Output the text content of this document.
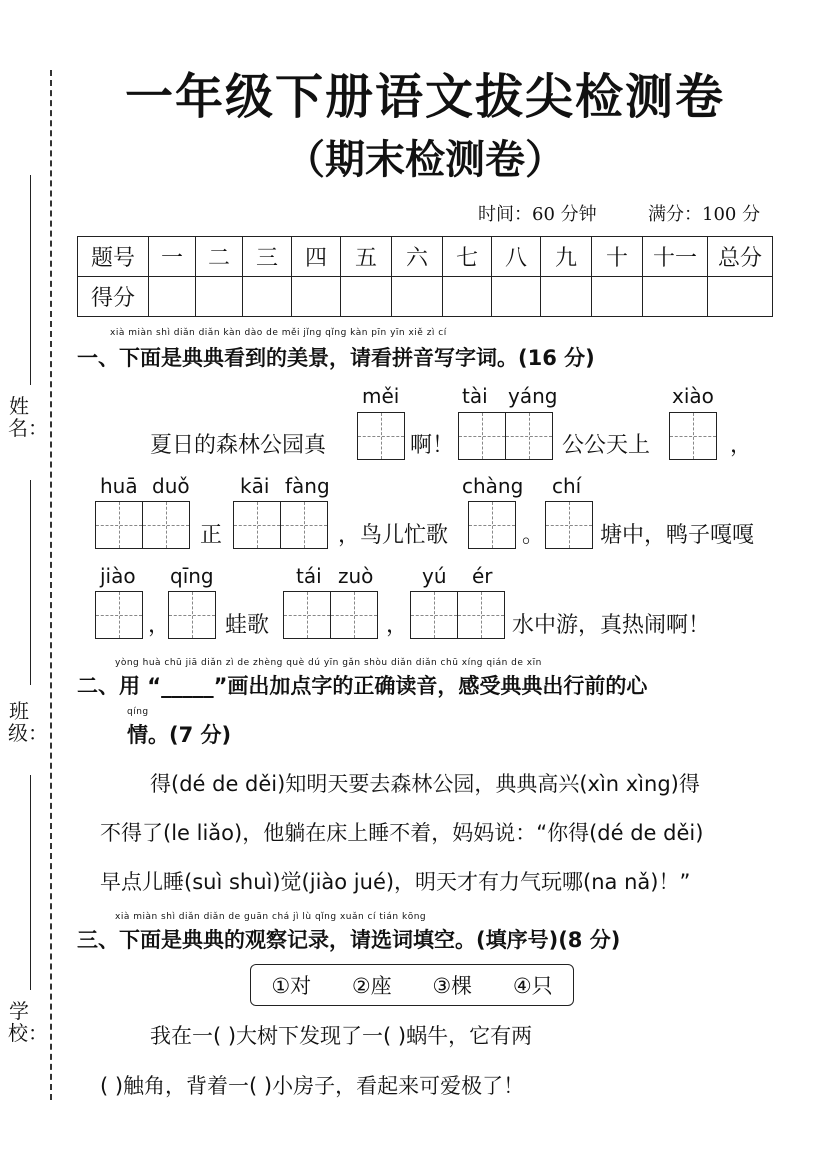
姓名：
班级：
学校：
一年级下册语文拔尖检测卷
（期末检测卷）
时间：60 分钟	满分：100 分
题号	一	二	三	四	五	六	七	八	九	十	十一	总分
得分												
xià miàn shì diǎn diǎn kàn dào de měi jǐng qǐng kàn pīn yīn xiě zì cí
一、下面是典典看到的美景，请看拼音写字词。(16 分)
měi	tài yáng	xiào
夏日的森林公园真	啊！	公公天上	，
huā duǒ	kāi fàng	chàng chí
正	，鸟儿忙歌	。	塘中，鸭子嘎嘎
jiào qīng	tái zuò yú ér
， 蛙歌	，	水中游，真热闹啊！
yòng huà chū jiā diǎn zì de zhèng què dú yīn gǎn shòu diǎn diǎn chū xíng qián de xīn
二、用 “_____”画出加点字的正确读音，感受典典出行前的心
qíng
情。(7 分)
得(dé de děi)知明天要去森林公园，典典高兴(xìn xìng)得
不得了(le liǎo)，他躺在床上睡不着，妈妈说：“你得(dé de děi)
早点儿睡(suì shuì)觉(jiào jué)，明天才有力气玩哪(na nǎ)！”
xià miàn shì diǎn diǎn de guān chá jì lù qǐng xuǎn cí tián kōng
三、下面是典典的观察记录，请选词填空。(填序号)(8 分)
①对 ②座 ③棵 ④只
我在一( )大树下发现了一( )蜗牛，它有两
( )触角，背着一( )小房子，看起来可爱极了！
